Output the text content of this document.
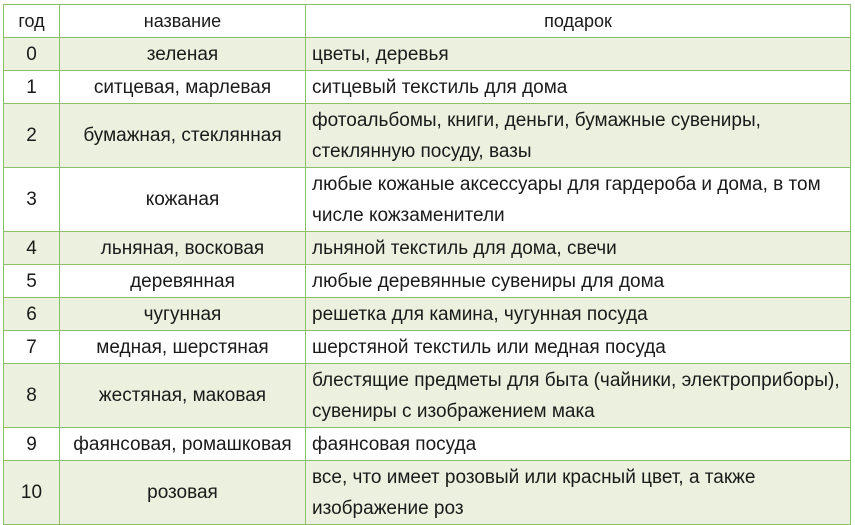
год	название	подарок
0	зеленая	цветы, деревья
1	ситцевая, марлевая	ситцевый текстиль для дома
2	бумажная, стеклянная	фотоальбомы, книги, деньги, бумажные сувениры, стеклянную посуду, вазы
3	кожаная	любые кожаные аксессуары для гардероба и дома, в том числе кожзаменители
4	льняная, восковая	льняной текстиль для дома, свечи
5	деревянная	любые деревянные сувениры для дома
6	чугунная	решетка для камина, чугунная посуда
7	медная, шерстяная	шерстяной текстиль или медная посуда
8	жестяная, маковая	блестящие предметы для быта (чайники, электроприборы), сувениры с изображением мака
9	фаянсовая, ромашковая	фаянсовая посуда
10	розовая	все, что имеет розовый или красный цвет, а также изображение роз
